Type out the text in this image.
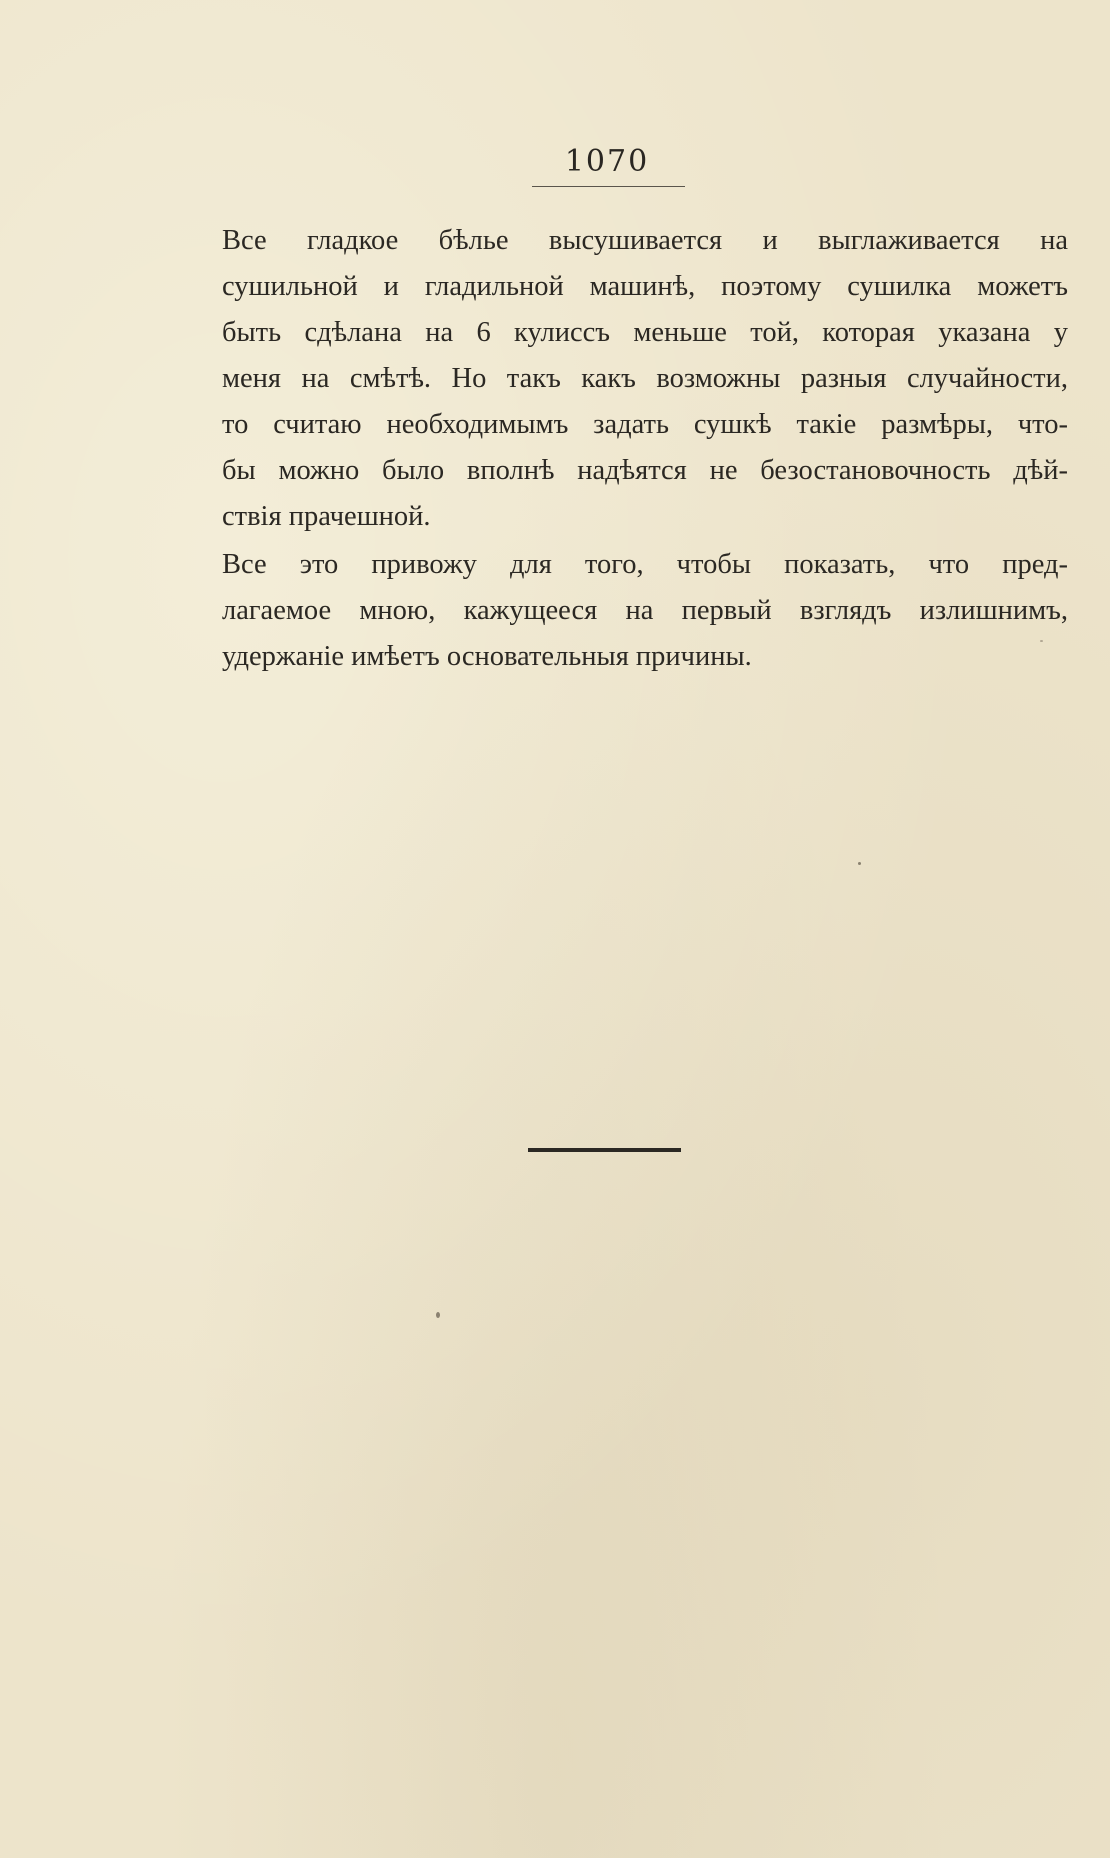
1070

Все гладкое бѣлье высушивается и выглаживается на
сушильной и гладильной машинѣ, поэтому сушилка можетъ
быть сдѣлана на 6 кулиссъ меньше той, которая указана у
меня на смѣтѣ. Но такъ какъ возможны разныя случайности,
то считаю необходимымъ задать сушкѣ такіе размѣры, что-
бы можно было вполнѣ надѣятся не безостановочность дѣй-
ствія прачешной.

Все это привожу для того, чтобы показать, что пред-
лагаемое мною, кажущееся на первый взглядъ излишнимъ,
удержаніе имѣетъ основательныя причины.
